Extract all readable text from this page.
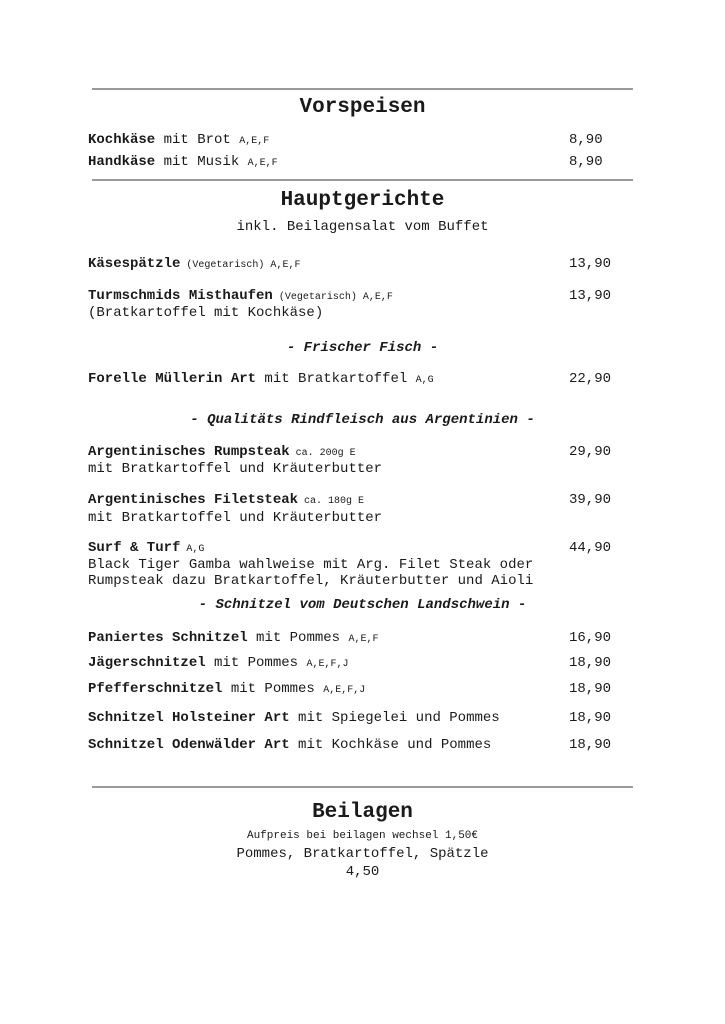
Vorspeisen
Kochkäse mit Brot A,E,F	8,90
Handkäse mit Musik A,E,F	8,90
Hauptgerichte
inkl. Beilagensalat vom Buffet
Käsespätzle (Vegetarisch) A,E,F	13,90
Turmschmids Misthaufen (Vegetarisch) A,E,F	13,90
(Bratkartoffel mit Kochkäse)
- Frischer Fisch -
Forelle Müllerin Art mit Bratkartoffel A,G	22,90
- Qualitäts Rindfleisch aus Argentinien -
Argentinisches Rumpsteak ca. 200g E	29,90
mit Bratkartoffel und Kräuterbutter
Argentinisches Filetsteak ca. 180g E	39,90
mit Bratkartoffel und Kräuterbutter
Surf & Turf A,G	44,90
Black Tiger Gamba wahlweise mit Arg. Filet Steak oder
Rumpsteak dazu Bratkartoffel, Kräuterbutter und Aioli
- Schnitzel vom Deutschen Landschwein -
Paniertes Schnitzel mit Pommes A,E,F	16,90
Jägerschnitzel mit Pommes A,E,F,J	18,90
Pfefferschnitzel mit Pommes A,E,F,J	18,90
Schnitzel Holsteiner Art mit Spiegelei und Pommes	18,90
Schnitzel Odenwälder Art mit Kochkäse und Pommes	18,90
Beilagen
Aufpreis bei beilagen wechsel 1,50€
Pommes, Bratkartoffel, Spätzle
4,50
